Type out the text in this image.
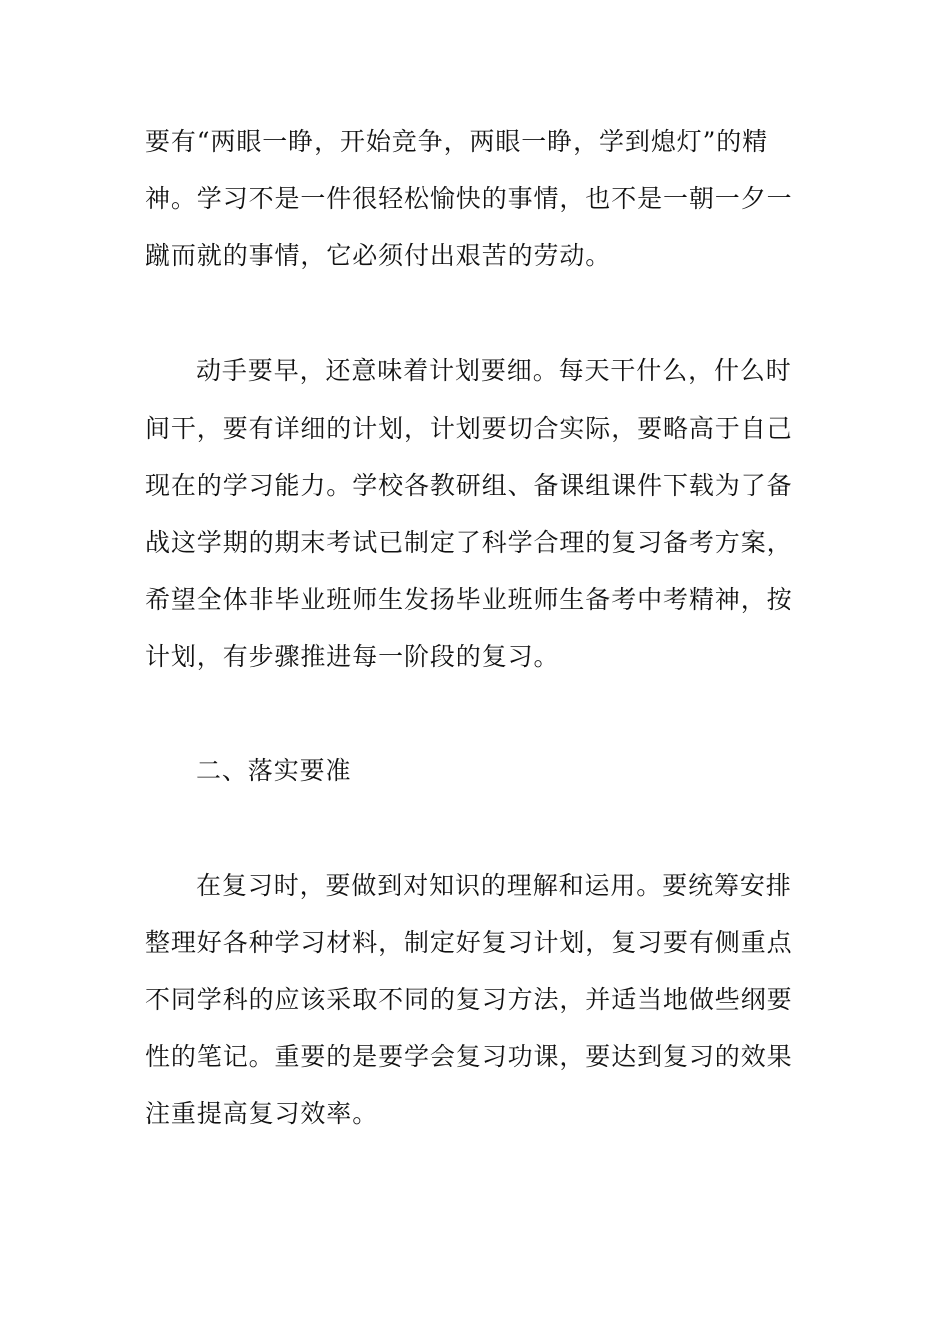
要有“两眼一睁，开始竞争，两眼一睁，学到熄灯”的精
神。学习不是一件很轻松愉快的事情，也不是一朝一夕一
蹴而就的事情，它必须付出艰苦的劳动。
动手要早，还意味着计划要细。每天干什么，什么时
间干，要有详细的计划，计划要切合实际，要略高于自己
现在的学习能力。学校各教研组、备课组课件下载为了备
战这学期的期末考试已制定了科学合理的复习备考方案，
希望全体非毕业班师生发扬毕业班师生备考中考精神，按
计划，有步骤推进每一阶段的复习。
二、落实要准
在复习时，要做到对知识的理解和运用。要统筹安排
整理好各种学习材料，制定好复习计划，复习要有侧重点
不同学科的应该采取不同的复习方法，并适当地做些纲要
性的笔记。重要的是要学会复习功课，要达到复习的效果
注重提高复习效率。
